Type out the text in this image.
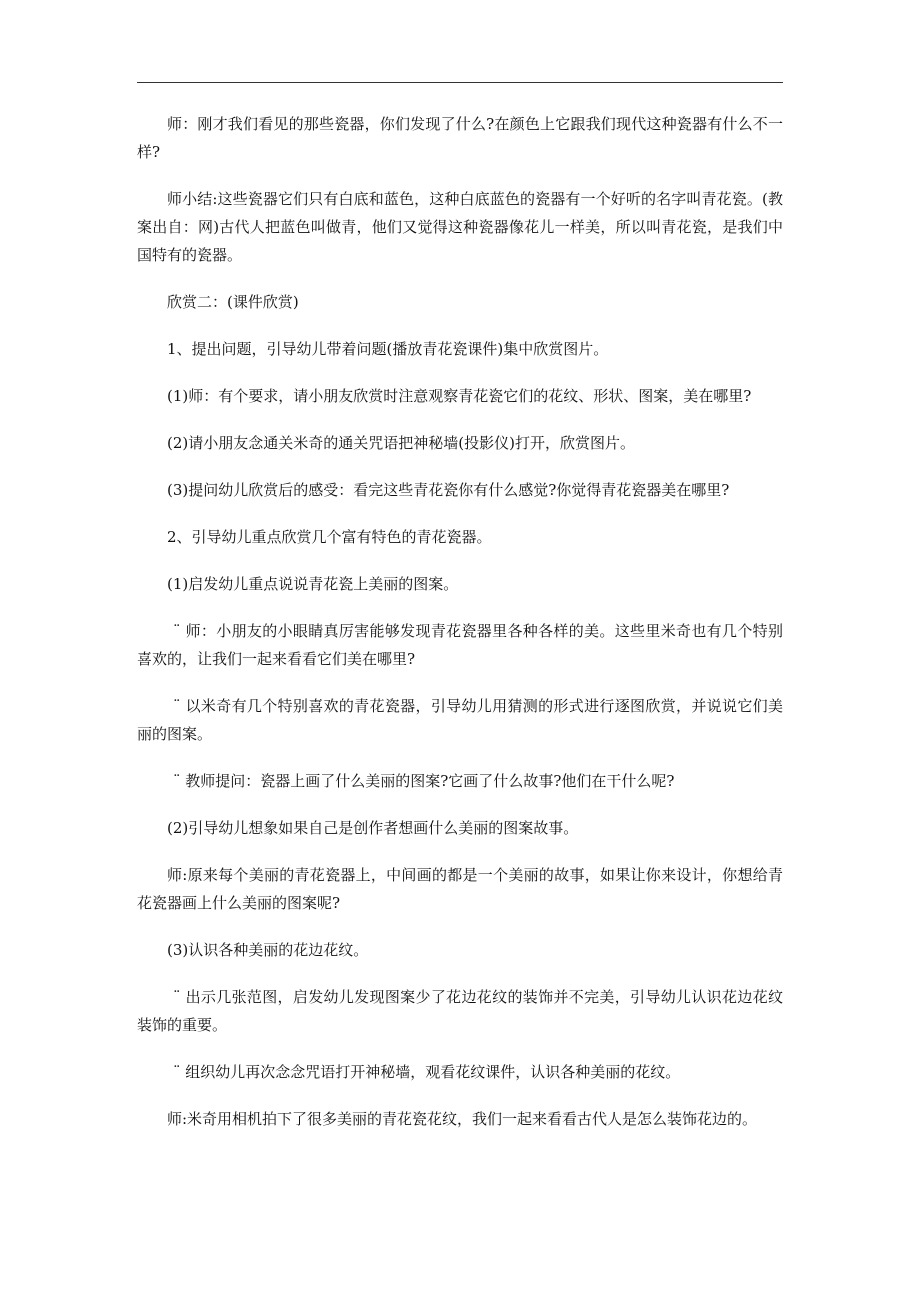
师：刚才我们看见的那些瓷器，你们发现了什么?在颜色上它跟我们现代这种瓷器有什么不一样?

师小结:这些瓷器它们只有白底和蓝色，这种白底蓝色的瓷器有一个好听的名字叫青花瓷。(教案出自：网)古代人把蓝色叫做青，他们又觉得这种瓷器像花儿一样美，所以叫青花瓷，是我们中国特有的瓷器。

欣赏二：(课件欣赏)

1、提出问题，引导幼儿带着问题(播放青花瓷课件)集中欣赏图片。

(1)师：有个要求，请小朋友欣赏时注意观察青花瓷它们的花纹、形状、图案，美在哪里?

(2)请小朋友念通关米奇的通关咒语把神秘墙(投影仪)打开，欣赏图片。

(3)提问幼儿欣赏后的感受：看完这些青花瓷你有什么感觉?你觉得青花瓷器美在哪里?

2、引导幼儿重点欣赏几个富有特色的青花瓷器。

(1)启发幼儿重点说说青花瓷上美丽的图案。

¨ 师：小朋友的小眼睛真厉害能够发现青花瓷器里各种各样的美。这些里米奇也有几个特别喜欢的，让我们一起来看看它们美在哪里?

¨ 以米奇有几个特别喜欢的青花瓷器，引导幼儿用猜测的形式进行逐图欣赏，并说说它们美丽的图案。

¨ 教师提问：瓷器上画了什么美丽的图案?它画了什么故事?他们在干什么呢?

(2)引导幼儿想象如果自己是创作者想画什么美丽的图案故事。

师:原来每个美丽的青花瓷器上，中间画的都是一个美丽的故事，如果让你来设计，你想给青花瓷器画上什么美丽的图案呢?

(3)认识各种美丽的花边花纹。

¨ 出示几张范图，启发幼儿发现图案少了花边花纹的装饰并不完美，引导幼儿认识花边花纹装饰的重要。

¨ 组织幼儿再次念念咒语打开神秘墙，观看花纹课件，认识各种美丽的花纹。

师:米奇用相机拍下了很多美丽的青花瓷花纹，我们一起来看看古代人是怎么装饰花边的。
